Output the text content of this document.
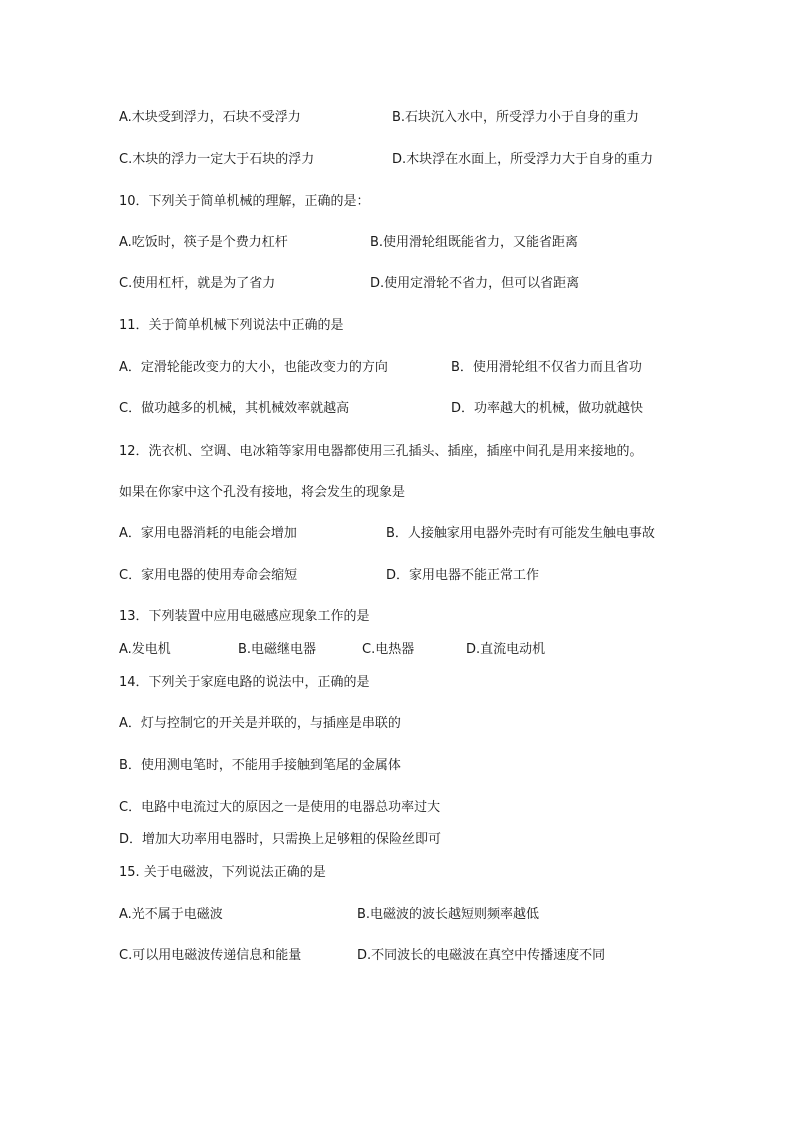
A.木块受到浮力，石块不受浮力	B.石块沉入水中，所受浮力小于自身的重力
C.木块的浮力一定大于石块的浮力	D.木块浮在水面上，所受浮力大于自身的重力
10．下列关于简单机械的理解，正确的是：
A.吃饭时，筷子是个费力杠杆	B.使用滑轮组既能省力，又能省距离
C.使用杠杆，就是为了省力	D.使用定滑轮不省力，但可以省距离
11．关于简单机械下列说法中正确的是
A．定滑轮能改变力的大小，也能改变力的方向	B．使用滑轮组不仅省力而且省功
C．做功越多的机械，其机械效率就越高	D．功率越大的机械，做功就越快
12．洗衣机、空调、电冰箱等家用电器都使用三孔插头、插座，插座中间孔是用来接地的。
如果在你家中这个孔没有接地，将会发生的现象是
A．家用电器消耗的电能会增加	B．人接触家用电器外壳时有可能发生触电事故
C．家用电器的使用寿命会缩短	D．家用电器不能正常工作
13．下列装置中应用电磁感应现象工作的是
A.发电机	B.电磁继电器	C.电热器	D.直流电动机
14．下列关于家庭电路的说法中，正确的是
A．灯与控制它的开关是并联的，与插座是串联的
B．使用测电笔时，不能用手接触到笔尾的金属体
C．电路中电流过大的原因之一是使用的电器总功率过大
D．增加大功率用电器时，只需换上足够粗的保险丝即可
15. 关于电磁波，下列说法正确的是
A.光不属于电磁波	B.电磁波的波长越短则频率越低
C.可以用电磁波传递信息和能量	D.不同波长的电磁波在真空中传播速度不同
